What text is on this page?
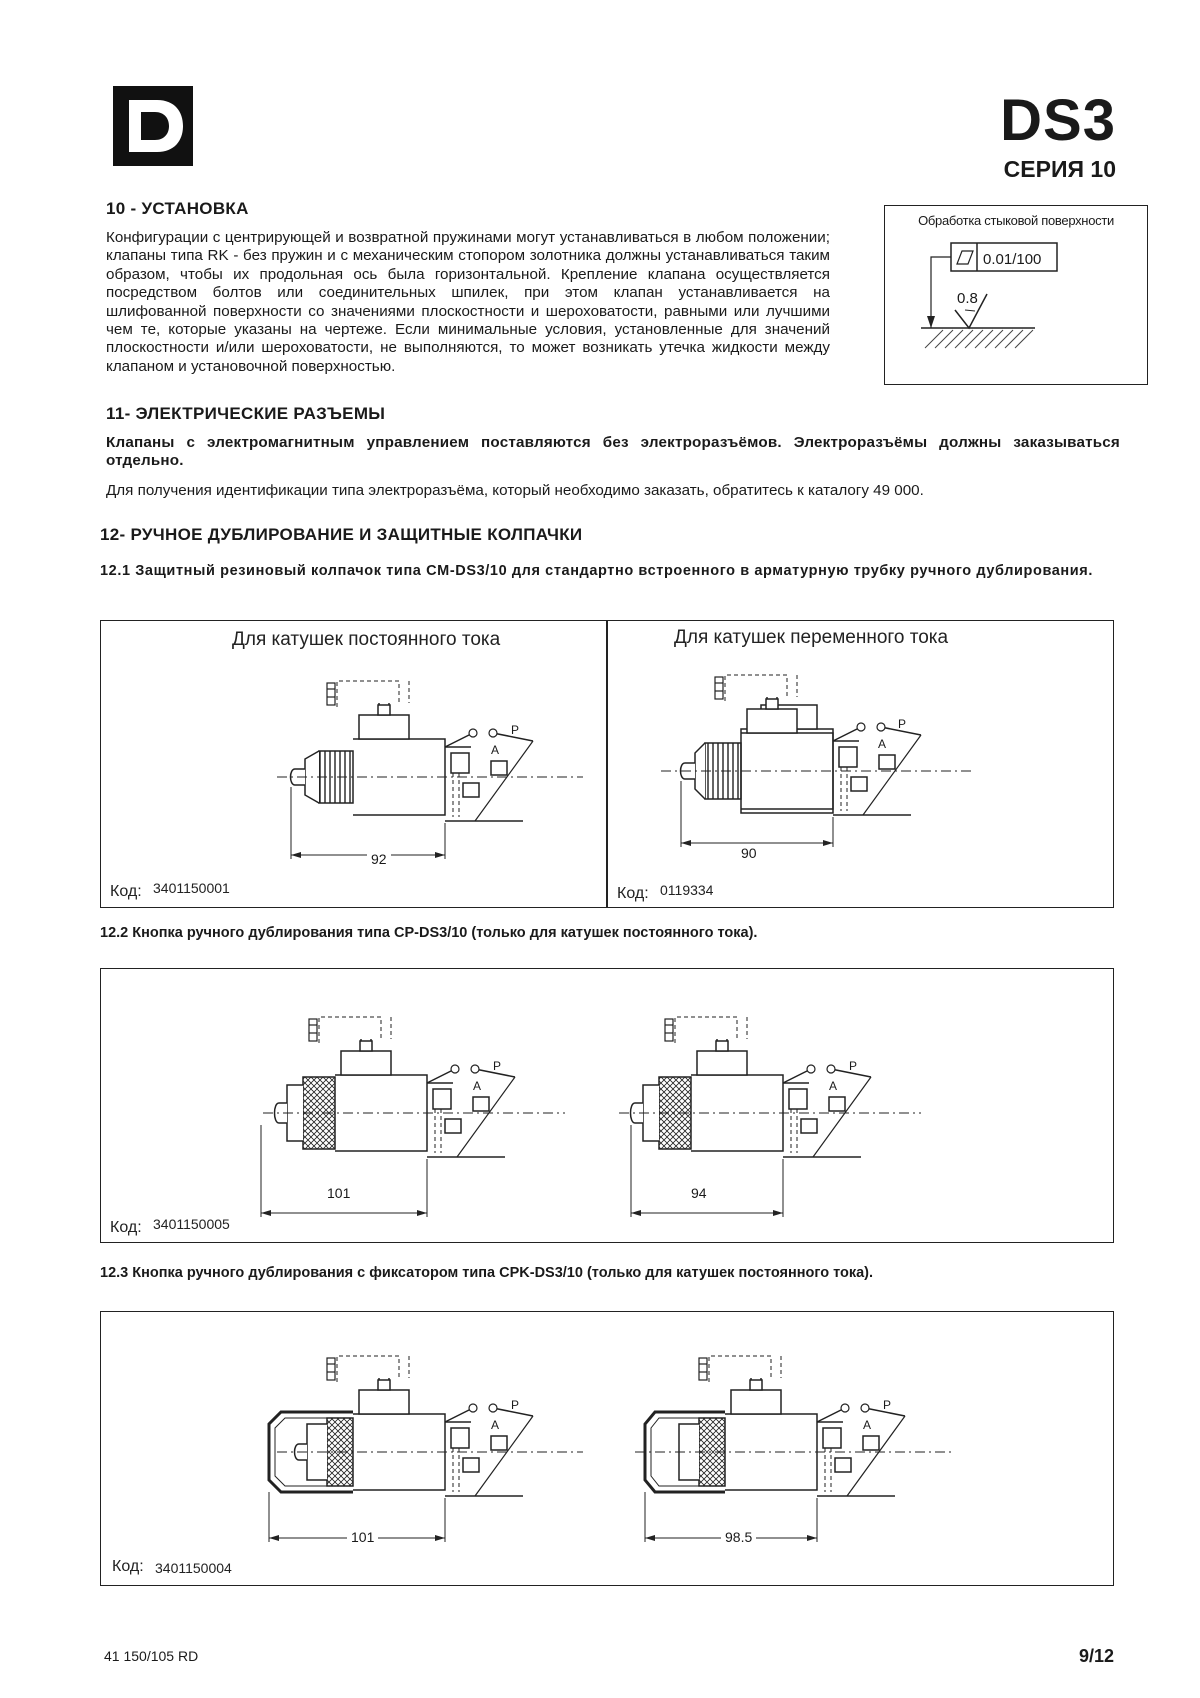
DS3
СЕРИЯ 10
10 - УСТАНОВКА
Конфигурации с центрирующей и возвратной пружинами могут устанавливаться в любом положении; клапаны типа RK - без пружин и с механическим стопором золотника должны устанавливаться таким образом, чтобы их продольная ось была горизонтальной. Крепление клапана осуществляется посредством болтов или соединительных шпилек, при этом клапан устанавливается на шлифованной поверхности со значениями плоскостности и шероховатости, равными или лучшими чем те, которые указаны на чертеже. Если минимальные условия, установленные для значений плоскостности и/или шероховатости, не выполняются, то может возникать утечка жидкости между клапаном и установочной поверхностью.
Обработка стыковой поверхности
0.01/100
0.8
11- ЭЛЕКТРИЧЕСКИЕ РАЗЪЕМЫ
Клапаны с электромагнитным управлением поставляются без электроразъёмов. Электроразъёмы должны заказываться отдельно.
Для получения идентификации типа электроразъёма, который необходимо заказать, обратитесь к каталогу 49 000.
12- РУЧНОЕ ДУБЛИРОВАНИЕ И ЗАЩИТНЫЕ КОЛПАЧКИ
12.1 Защитный резиновый колпачок типа CM-DS3/10 для стандартно встроенного в арматурную трубку ручного дублирования.
Для катушек постоянного тока	Для катушек переменного тока
P
A
P
A
92	90
Код: 3401150001	Код: 0119334
12.2 Кнопка ручного дублирования типа CP-DS3/10 (только для катушек постоянного тока).
P
A
P
A
101	94
Код: 3401150005
12.3 Кнопка ручного дублирования с фиксатором типа CPK-DS3/10 (только для катушек постоянного тока).
P
A
P
A
101	98.5
Код: 3401150004
41 150/105 RD	9/12
